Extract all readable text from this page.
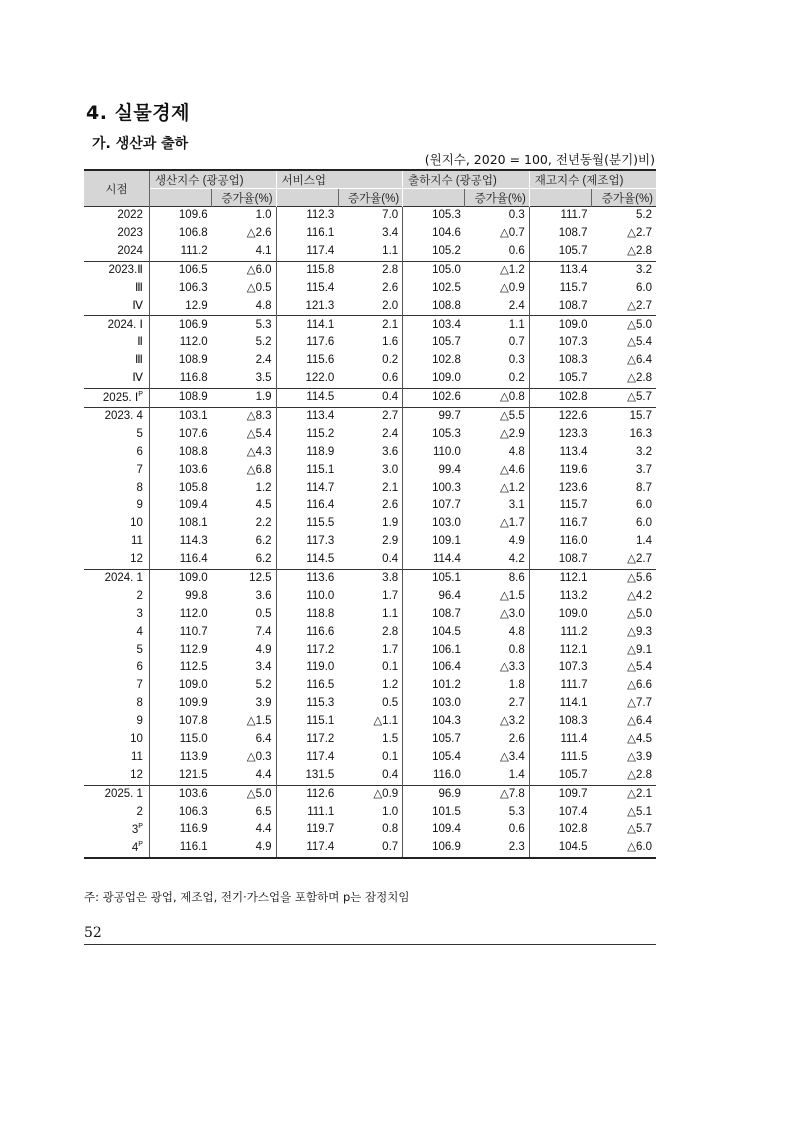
4. 실물경제
가. 생산과 출하
(원지수, 2020 = 100, 전년동월(분기)비)
시점	생산지수 (광공업)		서비스업		출하지수 (광공업)		재고지수 (제조업)	
		증가율(%)		증가율(%)		증가율(%)		증가율(%)
2022	109.6	1.0	112.3	7.0	105.3	0.3	111.7	5.2
2023	106.8	△2.6	116.1	3.4	104.6	△0.7	108.7	△2.7
2024	111.2	4.1	117.4	1.1	105.2	0.6	105.7	△2.8
2023.Ⅱ	106.5	△6.0	115.8	2.8	105.0	△1.2	113.4	3.2
Ⅲ	106.3	△0.5	115.4	2.6	102.5	△0.9	115.7	6.0
Ⅳ	12.9	4.8	121.3	2.0	108.8	2.4	108.7	△2.7
2024. Ⅰ	106.9	5.3	114.1	2.1	103.4	1.1	109.0	△5.0
Ⅱ	112.0	5.2	117.6	1.6	105.7	0.7	107.3	△5.4
Ⅲ	108.9	2.4	115.6	0.2	102.8	0.3	108.3	△6.4
Ⅳ	116.8	3.5	122.0	0.6	109.0	0.2	105.7	△2.8
2025. Ⅰ$^P$	108.9	1.9	114.5	0.4	102.6	△0.8	102.8	△5.7
2023. 4	103.1	△8.3	113.4	2.7	99.7	△5.5	122.6	15.7
5	107.6	△5.4	115.2	2.4	105.3	△2.9	123.3	16.3
6	108.8	△4.3	118.9	3.6	110.0	4.8	113.4	3.2
7	103.6	△6.8	115.1	3.0	99.4	△4.6	119.6	3.7
8	105.8	1.2	114.7	2.1	100.3	△1.2	123.6	8.7
9	109.4	4.5	116.4	2.6	107.7	3.1	115.7	6.0
10	108.1	2.2	115.5	1.9	103.0	△1.7	116.7	6.0
11	114.3	6.2	117.3	2.9	109.1	4.9	116.0	1.4
12	116.4	6.2	114.5	0.4	114.4	4.2	108.7	△2.7
2024. 1	109.0	12.5	113.6	3.8	105.1	8.6	112.1	△5.6
2	99.8	3.6	110.0	1.7	96.4	△1.5	113.2	△4.2
3	112.0	0.5	118.8	1.1	108.7	△3.0	109.0	△5.0
4	110.7	7.4	116.6	2.8	104.5	4.8	111.2	△9.3
5	112.9	4.9	117.2	1.7	106.1	0.8	112.1	△9.1
6	112.5	3.4	119.0	0.1	106.4	△3.3	107.3	△5.4
7	109.0	5.2	116.5	1.2	101.2	1.8	111.7	△6.6
8	109.9	3.9	115.3	0.5	103.0	2.7	114.1	△7.7
9	107.8	△1.5	115.1	△1.1	104.3	△3.2	108.3	△6.4
10	115.0	6.4	117.2	1.5	105.7	2.6	111.4	△4.5
11	113.9	△0.3	117.4	0.1	105.4	△3.4	111.5	△3.9
12	121.5	4.4	131.5	0.4	116.0	1.4	105.7	△2.8
2025. 1	103.6	△5.0	112.6	△0.9	96.9	△7.8	109.7	△2.1
2	106.3	6.5	111.1	1.0	101.5	5.3	107.4	△5.1
$3^P$	116.9	4.4	119.7	0.8	109.4	0.6	102.8	△5.7
$4^P$	116.1	4.9	117.4	0.7	106.9	2.3	104.5	△6.0
주: 광공업은 광업, 제조업, 전기·가스업을 포함하며 p는 잠정치임
52
